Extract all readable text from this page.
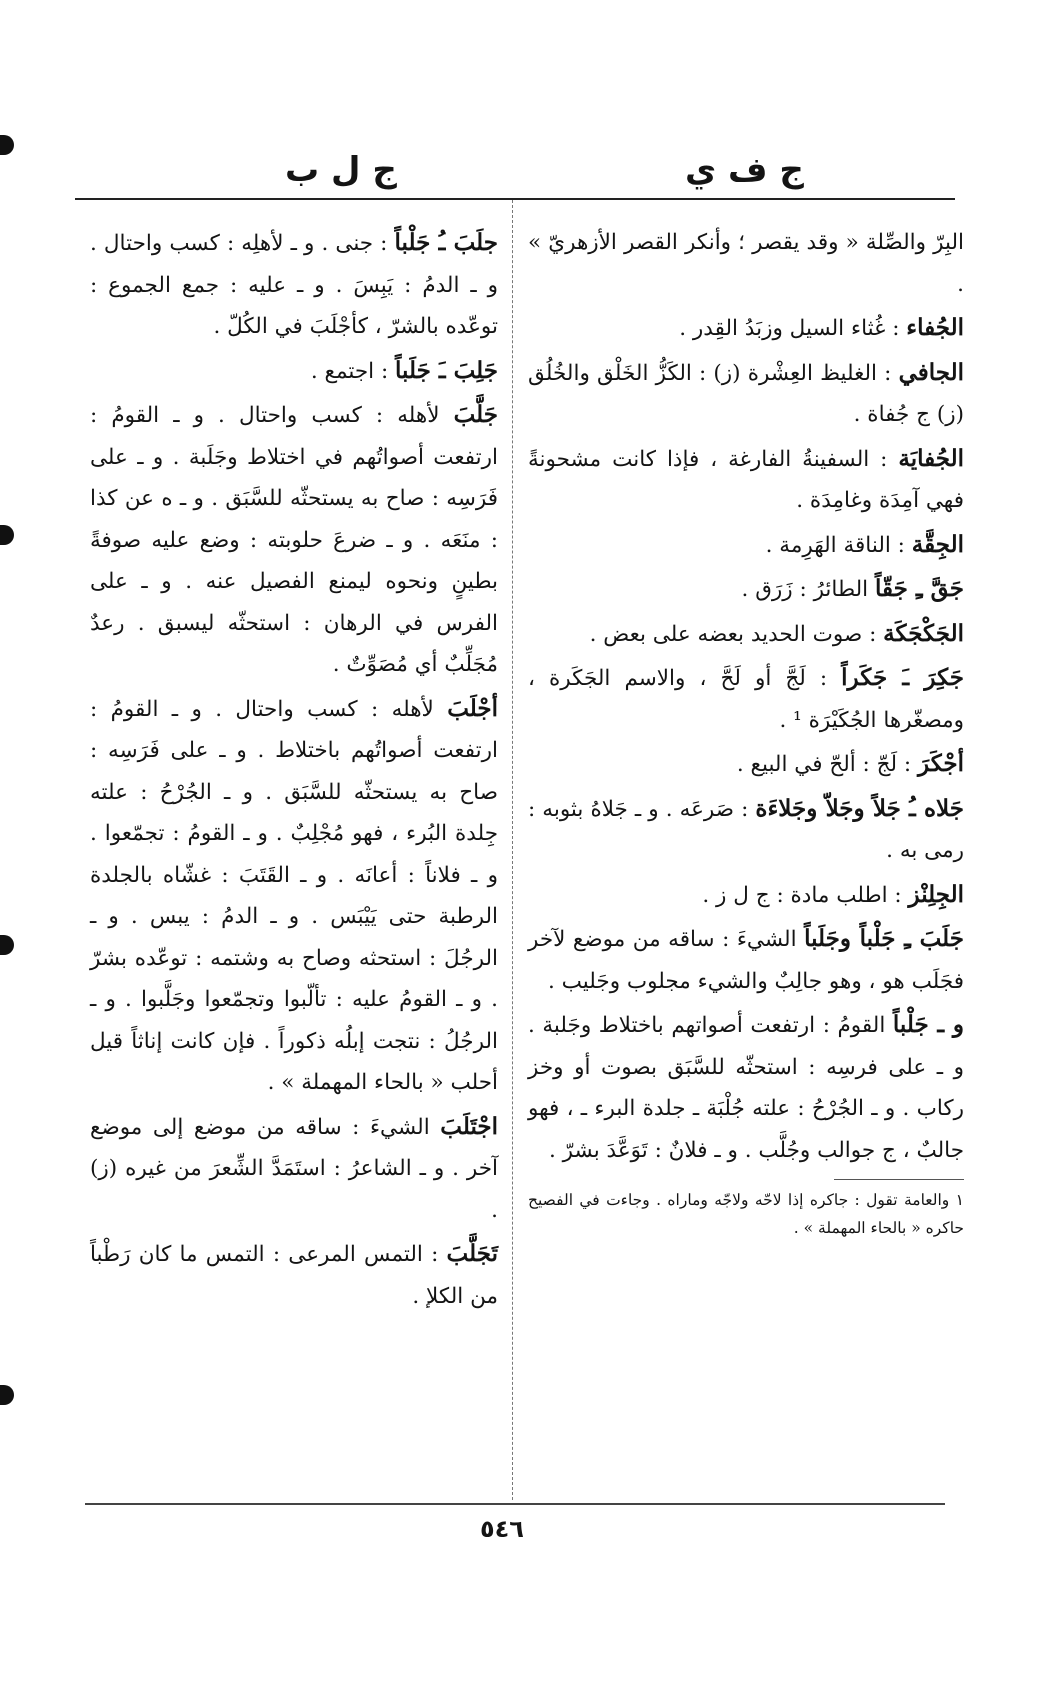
ج ف ي
ج ل ب
البِرّ والصِّلة « وقد يقصر ؛ وأنكر القصر الأزهريّ » .
الجُفاء : غُثاء السيل وزبَدُ القِدر .
الجافي : الغليظ العِشْرة (ز) : الكَزُّ الخَلْق والخُلُق (ز) ج جُفاة .
الجُفايَة : السفينةُ الفارغة ، فإذا كانت مشحونةً فهي آمِدَة وغامِدَة .
الجِقَّة : الناقة الهَرِمة .
جَقَّ ـِ جَقّاً الطائرُ : زَرَق .
الجَكْجَكَة : صوت الحديد بعضه على بعض .
جَكِرَ ـَ جَكَراً : لَجَّ أو لَحَّ ، والاسم الجَكَرة ، ومصغّرها الجُكَيْرَة ¹ .
أجْكَرَ : لَجّ : ألحّ في البيع .
جَلاه ـُ جَلاً وجَلاّ وجَلاءَة : صَرعَه . و ـ جَلاهُ بثوبه : رمى به .
الجِلِنْز : اطلب مادة : ج ل ز .
جَلَبَ ـِ جَلْباً وجَلَباً الشيءَ : ساقه من موضع لآخر فجَلَب هو ، وهو جالِبٌ والشيء مجلوب وجَليب .
و ـ جَلْباً القومُ : ارتفعت أصواتهم باختلاط وجَلبة . و ـ على فرسِه : استحثّه للسَّبَق بصوت أو وخز ركاب . و ـ الجُرْحُ : علته جُلْبَة ـ جلدة البرء ـ ، فهو جالبٌ ، ج جوالب وجُلَّب . و ـ فلانٌ : تَوَعَّدَ بشرّ .
١ والعامة تقول : جاكره إذا لاحّه ولاجّه وماراه . وجاءت في الفصيح حاكره « بالحاء المهملة » .
جلَبَ ـُ جَلْباً : جنى . و ـ لأهلِه : كسب واحتال . و ـ الدمُ : يَبِسَ . و ـ عليه : جمع الجموع : توعّده بالشرّ ، كأجْلَبَ في الكُلّ .
جَلِبَ ـَ جَلَباً : اجتمع .
جَلَّبَ لأهله : كسب واحتال . و ـ القومُ : ارتفعت أصواتُهم في اختلاط وجَلَبة . و ـ على فَرَسِه : صاح به يستحثّه للسَّبَق . و ـ ه عن كذا : منَعَه . و ـ ضرعَ حلوبته : وضع عليه صوفةً بطينٍ ونحوه ليمنع الفصيل عنه . و ـ على الفرس في الرهان : استحثّه ليسبق . رعدٌ مُجَلِّبٌ أي مُصَوِّتٌ .
أجْلَبَ لأهله : كسب واحتال . و ـ القومُ : ارتفعت أصواتُهم باختلاط . و ـ على فَرَسِه : صاح به يستحثّه للسَّبَق . و ـ الجُرْحُ : علته جِلدة البُرء ، فهو مُجْلِبٌ . و ـ القومُ : تجمّعوا . و ـ فلاناً : أعانَه . و ـ القَتَبَ : غشّاه بالجلدة الرطبة حتى يَيْبَس . و ـ الدمُ : يبس . و ـ الرجُلَ : استحثه وصاح به وشتمه : توعّده بشرّ . و ـ القومُ عليه : تألّبوا وتجمّعوا وجَلَّبوا . و ـ الرجُلُ : نتجت إبلُه ذكوراً . فإن كانت إناثاً قيل أحلب « بالحاء المهملة » .
اجْتَلَبَ الشيءَ : ساقه من موضع إلى موضع آخر . و ـ الشاعرُ : استَمَدَّ الشِّعرَ من غيره (ز) .
تَجَلَّبَ : التمس المرعى : التمس ما كان رَطْباً من الكلإ .
٥٤٦
